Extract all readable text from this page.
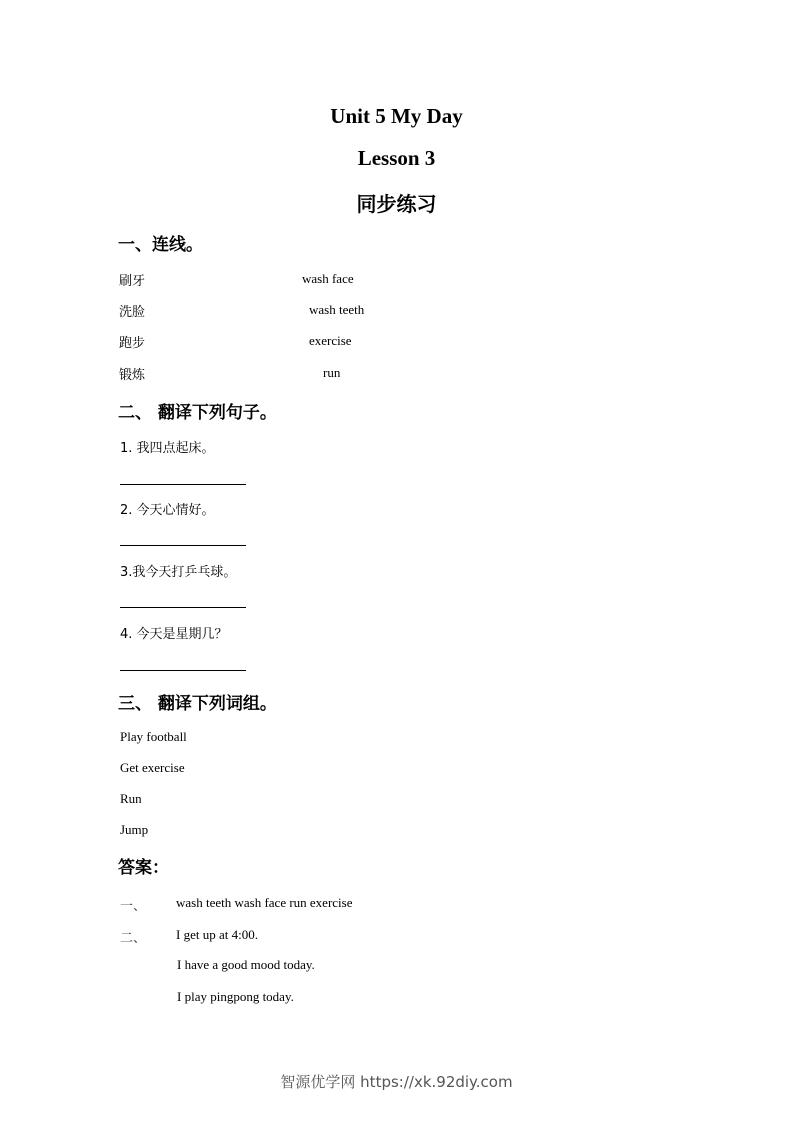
Unit 5 My Day
Lesson 3
同步练习
一、连线。
刷牙	wash face
洗脸	wash teeth
跑步	exercise
锻炼	run
二、 翻译下列句子。
1. 我四点起床。
2. 今天心情好。
3.我今天打乒乓球。
4. 今天是星期几？
三、 翻译下列词组。
Play football
Get exercise
Run
Jump
答案：
一、 wash teeth wash face run exercise
二、 I get up at 4:00.
I have a good mood today.
I play pingpong today.
智源优学网 https://xk.92diy.com
